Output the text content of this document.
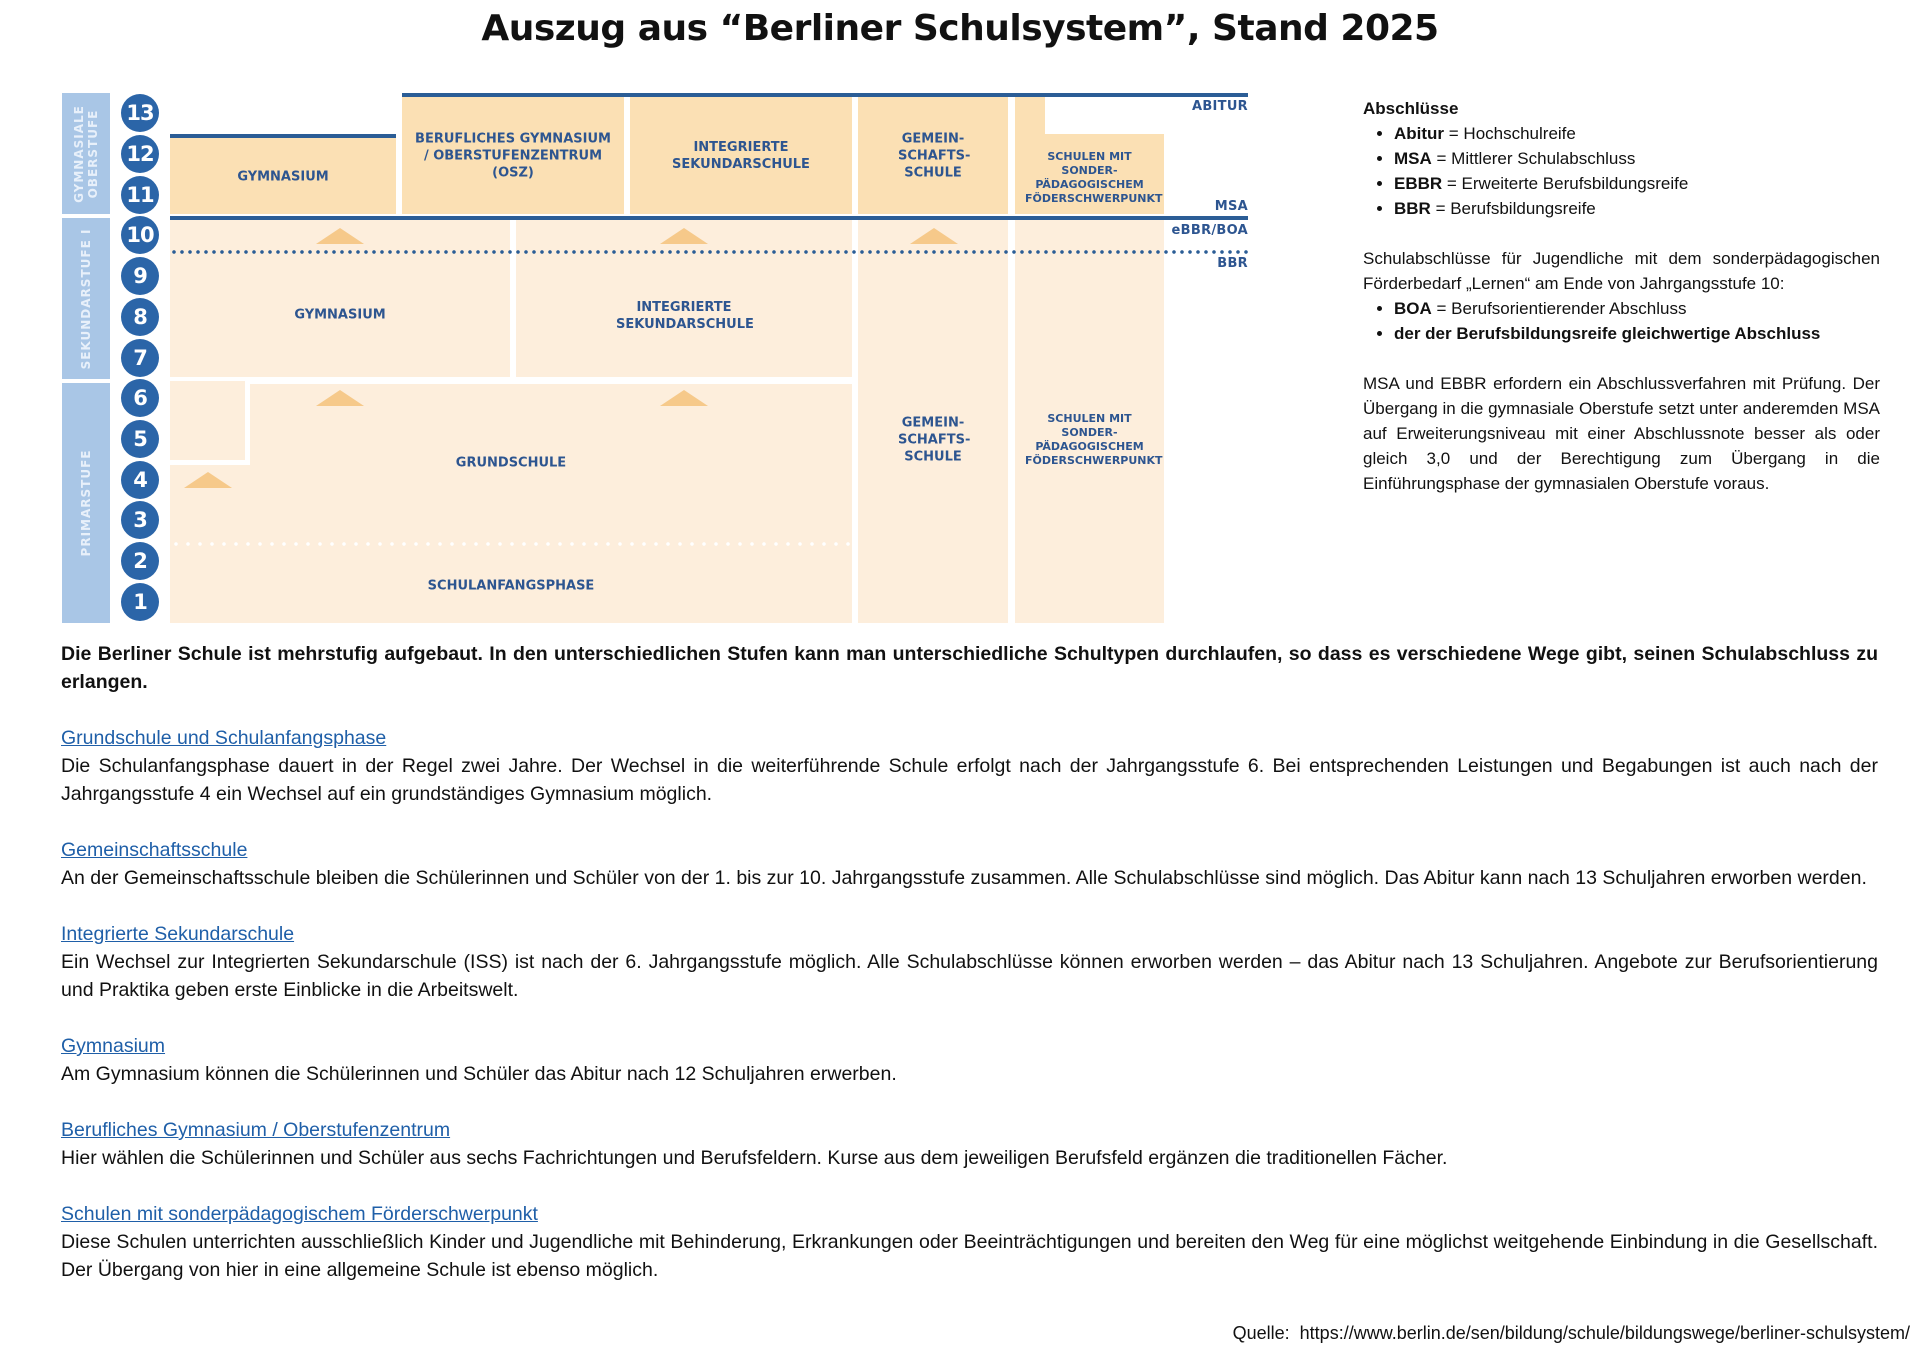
Auszug aus “Berliner Schulsystem”, Stand 2025
GYMNASIALE OBERSTUFE
SEKUNDARSTUFE I
PRIMARSTUFE
13
12
11
10
9
8
7
6
5
4
3
2
1
GYMNASIUM
BERUFLICHES GYMNASIUM / OBERSTUFENZENTRUM (OSZ)
INTEGRIERTE SEKUNDARSCHULE
GEMEIN- SCHAFTS- SCHULE
SCHULEN MIT SONDER- PÄDAGOGISCHEM FÖDERSCHWERPUNKT
GYMNASIUM	INTEGRIERTE SEKUNDARSCHULE
GRUNDSCHULE
SCHULANFANGSPHASE
GEMEIN- SCHAFTS- SCHULE
SCHULEN MIT SONDER- PÄDAGOGISCHEM FÖDERSCHWERPUNKT
ABITUR
MSA
eBBR/BOA
BBR
Abschlüsse
• Abitur = Hochschulreife
• MSA = Mittlerer Schulabschluss
• EBBR = Erweiterte Berufsbildungsreife
• BBR = Berufsbildungsreife

Schulabschlüsse für Jugendliche mit dem sonderpädagogischen Förderbedarf „Lernen“ am Ende von Jahrgangsstufe 10:

• BOA = Berufsorientierender Abschluss
• der der Berufsbildungsreife gleichwertige Abschluss

MSA und EBBR erfordern ein Abschlussverfahren mit Prüfung. Der Übergang in die gymnasiale Oberstufe setzt unter anderemden MSA auf Erweiterungsniveau mit einer Abschlussnote besser als oder gleich 3,0 und der Berechtigung zum Übergang in die Einführungsphase der gymnasialen Oberstufe voraus.

Die Berliner Schule ist mehrstufig aufgebaut. In den unterschiedlichen Stufen kann man unterschiedliche Schultypen durchlaufen, so dass es verschiedene Wege gibt, seinen Schulabschluss zu erlangen.

Grundschule und Schulanfangsphase

Die Schulanfangsphase dauert in der Regel zwei Jahre. Der Wechsel in die weiterführende Schule erfolgt nach der Jahrgangsstufe 6. Bei entsprechenden Leistungen und Begabungen ist auch nach der Jahrgangsstufe 4 ein Wechsel auf ein grundständiges Gymnasium möglich.

Gemeinschaftsschule

An der Gemeinschaftsschule bleiben die Schülerinnen und Schüler von der 1. bis zur 10. Jahrgangsstufe zusammen. Alle Schulabschlüsse sind möglich. Das Abitur kann nach 13 Schuljahren erworben werden.

Integrierte Sekundarschule

Ein Wechsel zur Integrierten Sekundarschule (ISS) ist nach der 6. Jahrgangsstufe möglich. Alle Schulabschlüsse können erworben werden – das Abitur nach 13 Schuljahren. Angebote zur Berufsorientierung und Praktika geben erste Einblicke in die Arbeitswelt.

Gymnasium

Am Gymnasium können die Schülerinnen und Schüler das Abitur nach 12 Schuljahren erwerben.

Berufliches Gymnasium / Oberstufenzentrum

Hier wählen die Schülerinnen und Schüler aus sechs Fachrichtungen und Berufsfeldern. Kurse aus dem jeweiligen Berufsfeld ergänzen die traditionellen Fächer.

Schulen mit sonderpädagogischem Förderschwerpunkt

Diese Schulen unterrichten ausschließlich Kinder und Jugendliche mit Behinderung, Erkrankungen oder Beeinträchtigungen und bereiten den Weg für eine möglichst weitgehende Einbindung in die Gesellschaft. Der Übergang von hier in eine allgemeine Schule ist ebenso möglich.

Quelle: https://www.berlin.de/sen/bildung/schule/bildungswege/berliner-schulsystem/
